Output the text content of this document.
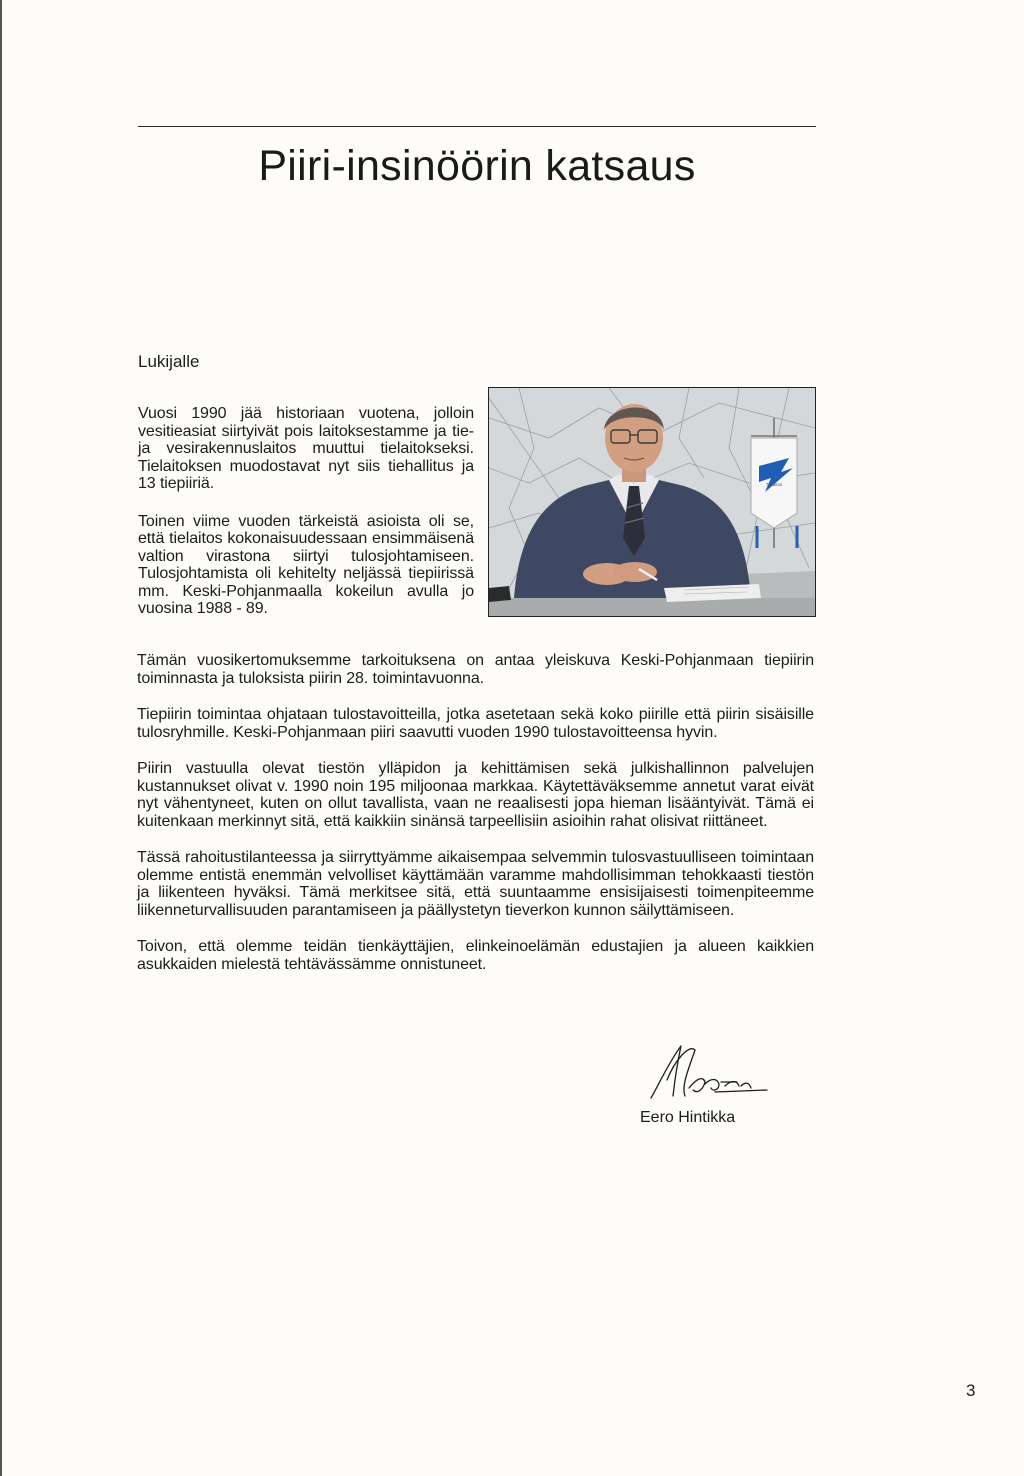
Piiri-insinöörin katsaus

Lukijalle

Vuosi 1990 jää historiaan vuotena, jolloin vesitieasiat siirtyivät pois laitoksestamme ja tie- ja vesirakennuslaitos muuttui tielaitokseksi. Tielaitoksen muodostavat nyt siis tiehallitus ja 13 tiepiiriä.

Toinen viime vuoden tärkeistä asioista oli se, että tielaitos kokonaisuudessaan ensimmäisenä valtion virastona siirtyi tulosjohtamiseen. Tulosjohtamista oli kehitelty neljässä tiepiirissä mm. Keski-Pohjanmaalla kokeilun avulla jo vuosina 1988 - 89.

Tielaitos

Tämän vuosikertomuksemme tarkoituksena on antaa yleiskuva Keski-Pohjanmaan tiepiirin toiminnasta ja tuloksista piirin 28. toimintavuonna.

Tiepiirin toimintaa ohjataan tulostavoitteilla, jotka asetetaan sekä koko piirille että piirin sisäisille tulosryhmille. Keski-Pohjanmaan piiri saavutti vuoden 1990 tulostavoitteensa hyvin.

Piirin vastuulla olevat tiestön ylläpidon ja kehittämisen sekä julkishallinnon palvelujen kustannukset olivat v. 1990 noin 195 miljoonaa markkaa. Käytettäväksemme annetut varat eivät nyt vähentyneet, kuten on ollut tavallista, vaan ne reaalisesti jopa hieman lisääntyivät. Tämä ei kuitenkaan merkinnyt sitä, että kaikkiin sinänsä tarpeellisiin asioihin rahat olisivat riittäneet.

Tässä rahoitustilanteessa ja siirryttyämme aikaisempaa selvemmin tulosvastuulliseen toimintaan olemme entistä enemmän velvolliset käyttämään varamme mahdollisimman tehokkaasti tiestön ja liikenteen hyväksi. Tämä merkitsee sitä, että suuntaamme ensisijaisesti toimenpiteemme liikenneturvallisuuden parantamiseen ja päällystetyn tieverkon kunnon säilyttämiseen.

Toivon, että olemme teidän tienkäyttäjien, elinkeinoelämän edustajien ja alueen kaikkien asukkaiden mielestä tehtävässämme onnistuneet.

Eero Hintikka

3
